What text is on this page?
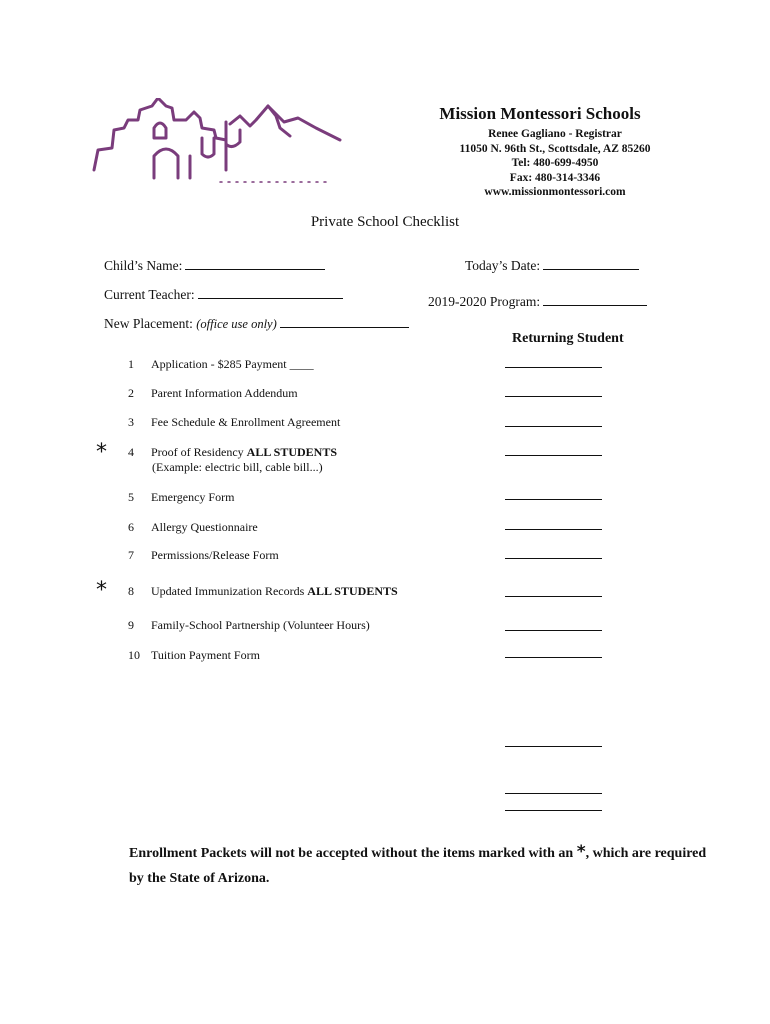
Mission Montessori Schools
Renee Gagliano - Registrar
11050 N. 96th St., Scottsdale, AZ 85260
Tel: 480-699-4950
Fax: 480-314-3346
www.missionmontessori.com
Private School Checklist
Child’s Name:	Today’s Date:
Current Teacher:	2019-2020 Program:
New Placement: (office use only)
Returning Student
1 Application - $285 Payment ____
2 Parent Information Addendum
3 Fee Schedule & Enrollment Agreement
* 4 Proof of Residency ALL STUDENTS
(Example: electric bill, cable bill...)
5 Emergency Form
6 Allergy Questionnaire
7 Permissions/Release Form
* 8 Updated Immunization Records ALL STUDENTS
9 Family-School Partnership (Volunteer Hours)
10 Tuition Payment Form
Enrollment Packets will not be accepted without the items marked with an *, which are required by the State of Arizona.
